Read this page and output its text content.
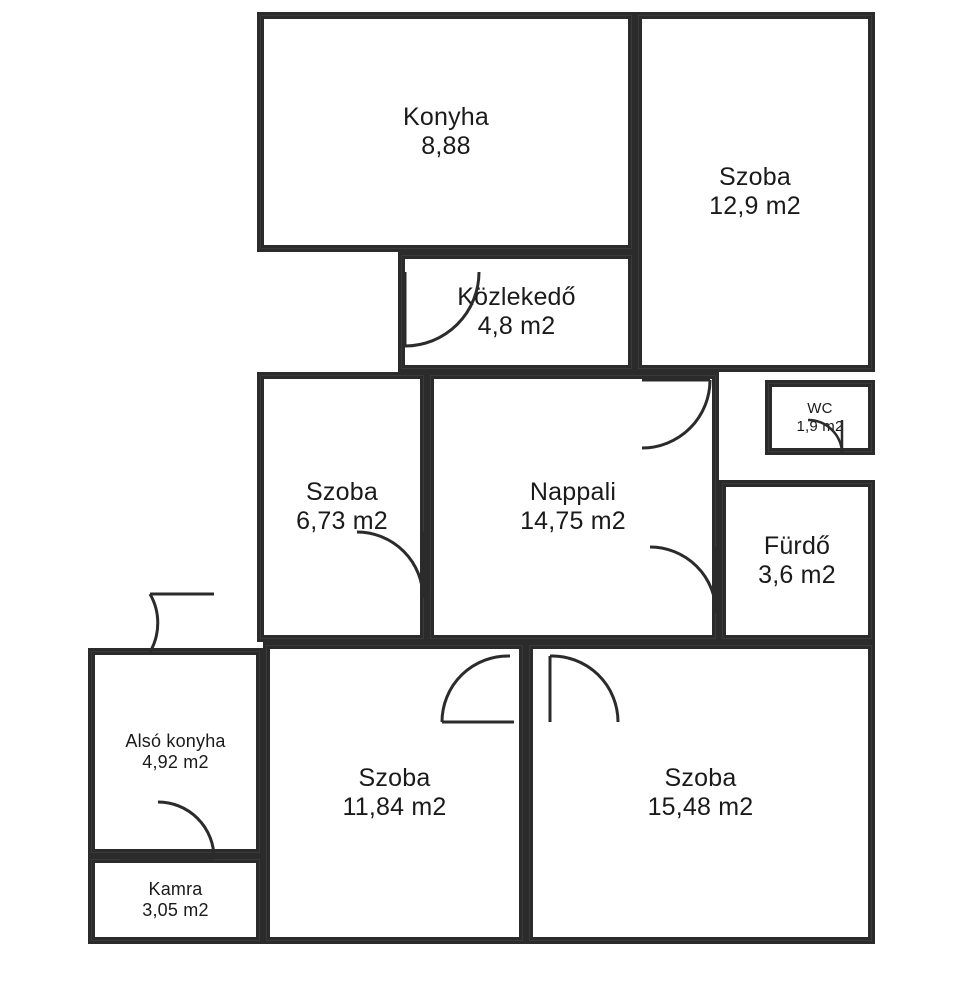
Konyha
8,88
Szoba
12,9 m2
Közlekedő
4,8 m2
Szoba
6,73 m2
Nappali
14,75 m2
WC
1,9 m2
Fürdő
3,6 m2
Alsó konyha
4,92 m2
Kamra
3,05 m2
Szoba
11,84 m2
Szoba
15,48 m2
